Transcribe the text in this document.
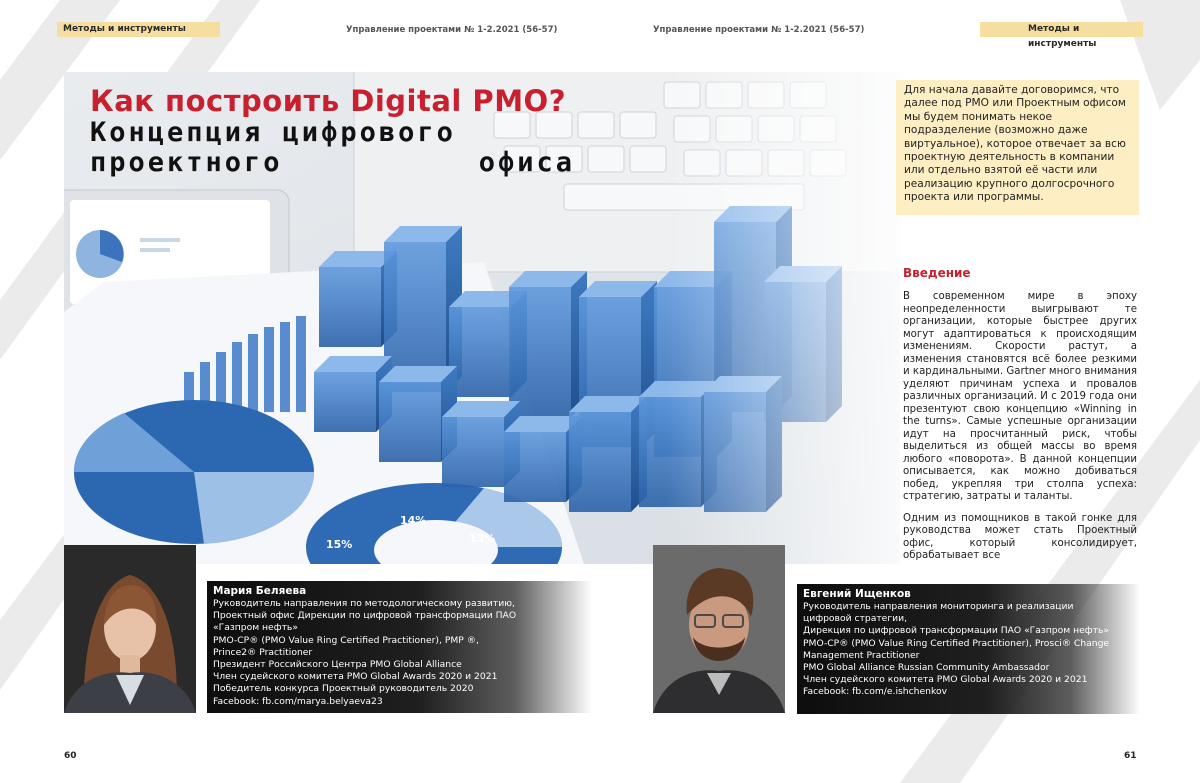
Методы и инструменты	Управление проектами № 1-2.2021 (56-57)	Управление проектами № 1-2.2021 (56-57)	Методы и инструменты
Как построить Digital PMO?
Концепция цифрового
проектного	офиса

Для начала давайте договоримся, что далее под PMO или Проектным офисом мы будем понимать некое подразделение (возможно даже виртуальное), которое отвечает за всю проектную деятельность в компании или отдельно взятой её части или реализацию крупного долгосрочного проекта или программы.

Введение

В современном мире в эпоху неопределенности выигрывают те организации, которые быстрее других могут адаптироваться к происходящим изменениям. Скорости растут, а изменения становятся всё более резкими и кардинальными. Gartner много внимания уделяют причинам успеха и провалов различных организаций. И с 2019 года они презентуют свою концепцию «Winning in the turns». Самые успешные организации идут на просчитанный риск, чтобы выделиться из общей массы во время любого «поворота». В данной концепции описывается, как можно добиваться побед, укрепляя три столпа успеха: стратегию, затраты и таланты.

Одним из помощников в такой гонке для руководства может стать Проектный офис, который консолидирует, обрабатывает все

Мария Беляева
Руководитель направления по методологическому развитию,
Проектный офис Дирекции по цифровой трансформации ПАО
«Газпром нефть»
PMO-CP® (PMO Value Ring Certified Practitioner), PMP ®,
Prince2® Practitioner
Президент Российского Центра PMO Global Alliance
Член судейского комитета PMO Global Awards 2020 и 2021
Победитель конкурса Проектный руководитель 2020
Facebook: fb.com/marya.belyaeva23
Евгений Ищенков
Руководитель направления мониторинга и реализации
цифровой стратегии,
Дирекция по цифровой трансформации ПАО «Газпром нефть»
PMO-CP® (PMO Value Ring Certified Practitioner), Prosci® Change
Management Practitioner
PMO Global Alliance Russian Community Ambassador
Член судейского комитета PMO Global Awards 2020 и 2021
Facebook: fb.com/e.ishchenkov
60	61
